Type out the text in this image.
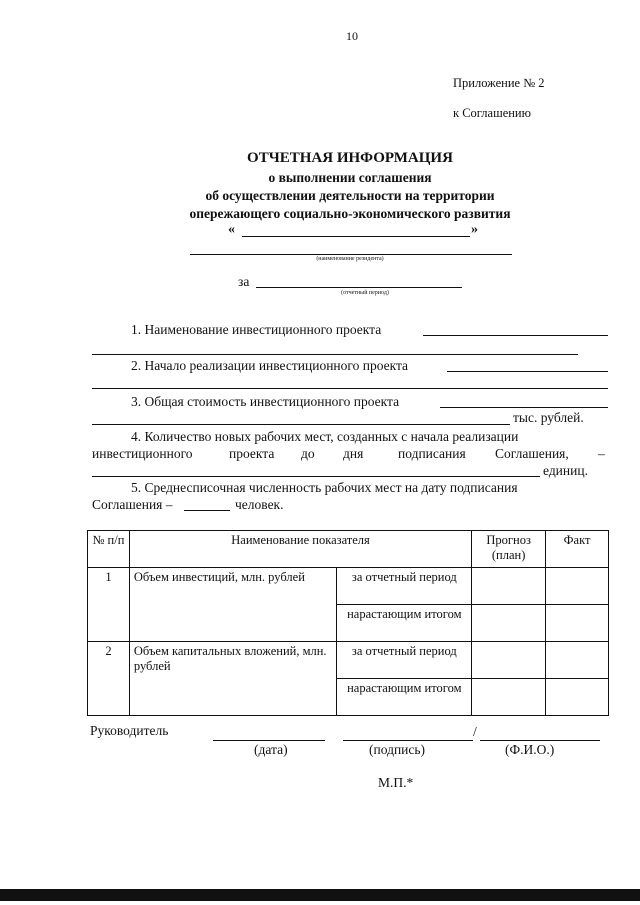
10
Приложение № 2
к Соглашению
ОТЧЕТНАЯ ИНФОРМАЦИЯ
о выполнении соглашения
об осуществлении деятельности на территории
опережающего социально-экономического развития
«	»
(наименование резидента)
за
(отчетный период)
1. Наименование инвестиционного проекта
2. Начало реализации инвестиционного проекта
3. Общая стоимость инвестиционного проекта
тыс. рублей.
4. Количество новых рабочих мест, созданных с начала реализации
инвестиционного	проекта до дня	подписания Соглашения, –
единиц.
5. Среднесписочная численность рабочих мест на дату подписания
Соглашения –	человек.
№ п/п	Наименование показателя		Прогноз (план)	Факт
1	Объем инвестиций, млн. рублей	за отчетный период		
		нарастающим итогом		
2	Объем капитальных вложений, млн. рублей	за отчетный период		
		нарастающим итогом		
Руководитель	/
(дата)	(подпись)	(Ф.И.О.)
М.П.*
